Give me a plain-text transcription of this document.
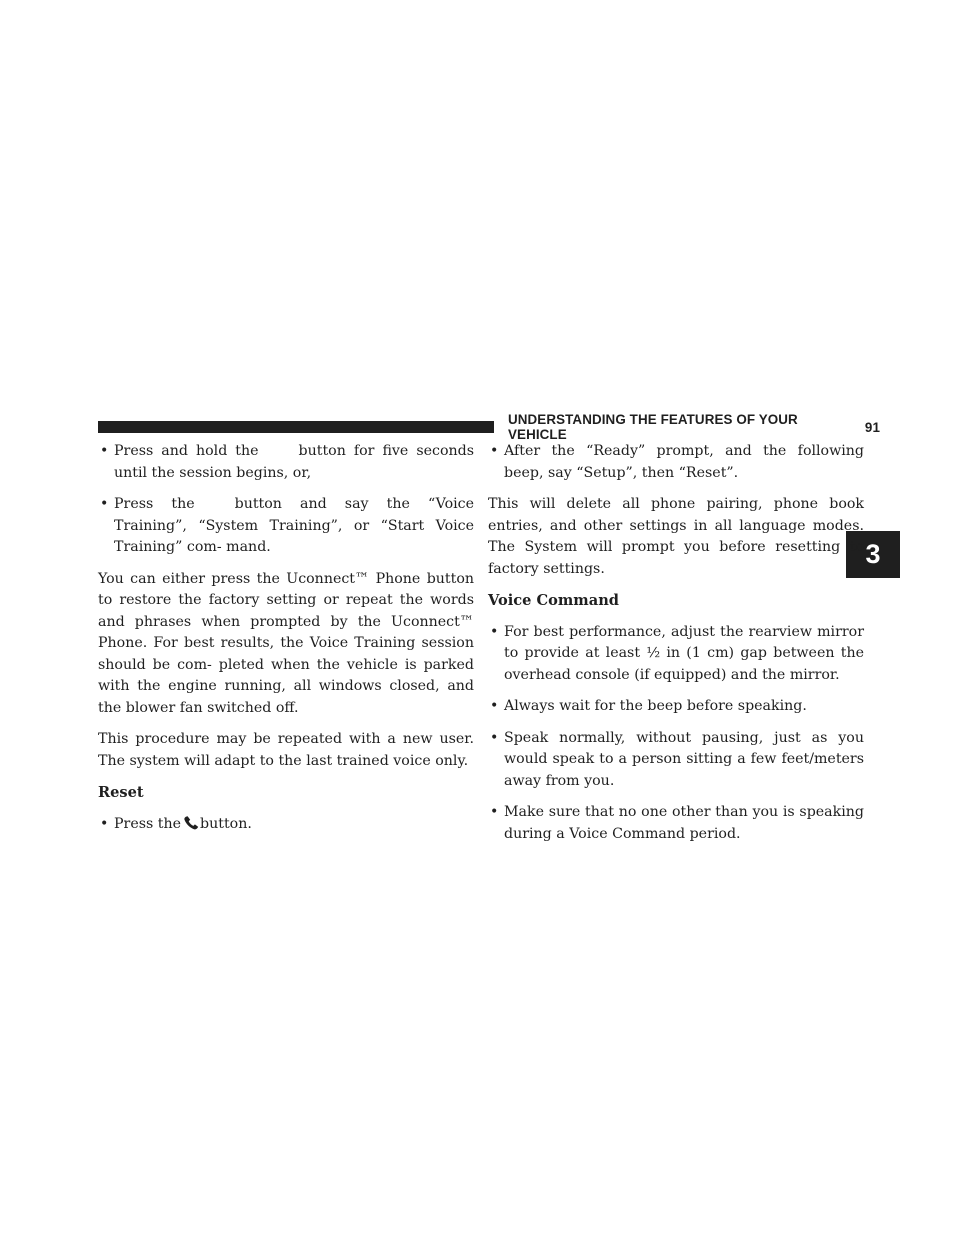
UNDERSTANDING THE FEATURES OF YOUR VEHICLE	91
3
• Press and hold the	button for five seconds until the session begins, or,
• Press the	button and say the “Voice Training”, “System Training”, or “Start Voice Training” com- mand.

You can either press the Uconnect™ Phone button to restore the factory setting or repeat the words and phrases when prompted by the Uconnect™ Phone. For best results, the Voice Training session should be com- pleted when the vehicle is parked with the engine running, all windows closed, and the blower fan switched off.

This procedure may be repeated with a new user. The system will adapt to the last trained voice only.

Reset
• Press the button.
• After the “Ready” prompt, and the following beep, say “Setup”, then “Reset”.

This will delete all phone pairing, phone book entries, and other settings in all language modes. The System will prompt you before resetting to factory settings.

Voice Command
• For best performance, adjust the rearview mirror to provide at least ½ in (1 cm) gap between the overhead console (if equipped) and the mirror.
• Always wait for the beep before speaking.
• Speak normally, without pausing, just as you would speak to a person sitting a few feet/meters away from you.
• Make sure that no one other than you is speaking during a Voice Command period.
